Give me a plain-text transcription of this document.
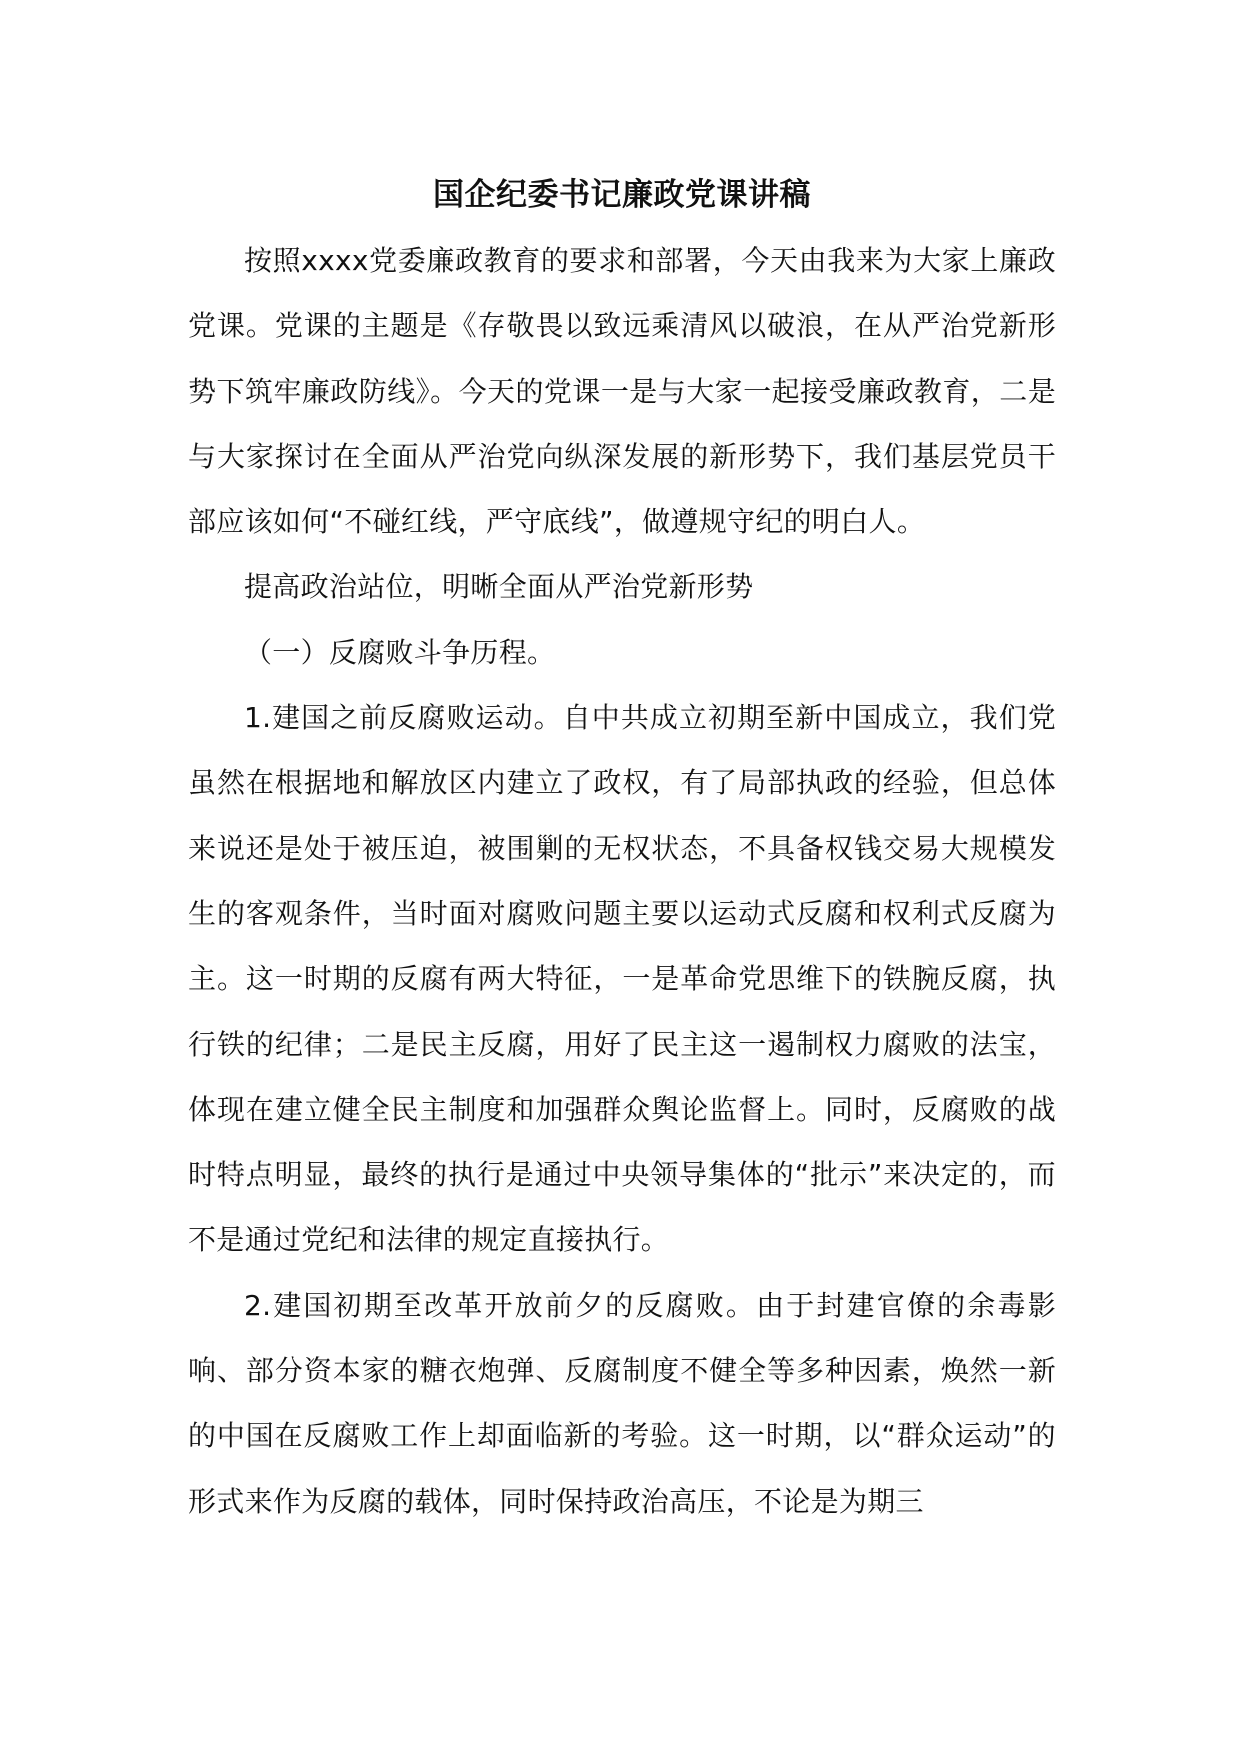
国企纪委书记廉政党课讲稿

按照xxxx党委廉政教育的要求和部署，今天由我来为大家上廉政党课。党课的主题是《存敬畏以致远乘清风以破浪，在从严治党新形势下筑牢廉政防线》。今天的党课一是与大家一起接受廉政教育，二是与大家探讨在全面从严治党向纵深发展的新形势下，我们基层党员干部应该如何“不碰红线，严守底线”，做遵规守纪的明白人。

提高政治站位，明晰全面从严治党新形势

（一）反腐败斗争历程。

1.建国之前反腐败运动。自中共成立初期至新中国成立，我们党虽然在根据地和解放区内建立了政权，有了局部执政的经验，但总体来说还是处于被压迫，被围剿的无权状态，不具备权钱交易大规模发生的客观条件，当时面对腐败问题主要以运动式反腐和权利式反腐为主。这一时期的反腐有两大特征，一是革命党思维下的铁腕反腐，执行铁的纪律；二是民主反腐，用好了民主这一遏制权力腐败的法宝，体现在建立健全民主制度和加强群众舆论监督上。同时，反腐败的战时特点明显，最终的执行是通过中央领导集体的“批示”来决定的，而不是通过党纪和法律的规定直接执行。

2.建国初期至改革开放前夕的反腐败。由于封建官僚的余毒影响、部分资本家的糖衣炮弹、反腐制度不健全等多种因素，焕然一新的中国在反腐败工作上却面临新的考验。这一时期，以“群众运动”的形式来作为反腐的载体，同时保持政治高压，不论是为期三
